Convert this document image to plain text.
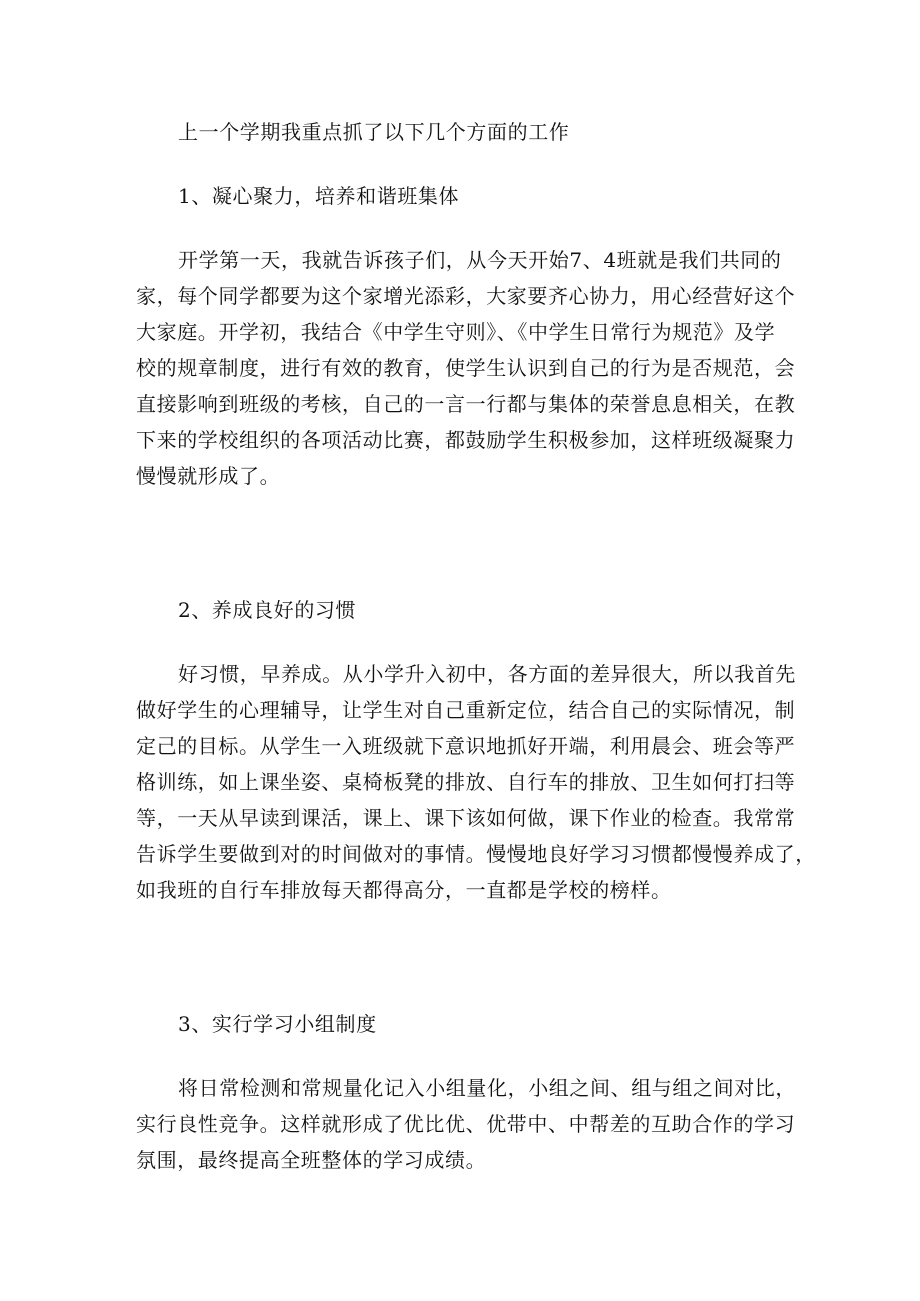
上一个学期我重点抓了以下几个方面的工作
1、凝心聚力，培养和谐班集体
开学第一天，我就告诉孩子们，从今天开始7、4班就是我们共同的
家，每个同学都要为这个家增光添彩，大家要齐心协力，用心经营好这个
大家庭。开学初，我结合《中学生守则》、《中学生日常行为规范》及学
校的规章制度，进行有效的教育，使学生认识到自己的行为是否规范，会
直接影响到班级的考核，自己的一言一行都与集体的荣誉息息相关，在教
下来的学校组织的各项活动比赛，都鼓励学生积极参加，这样班级凝聚力
慢慢就形成了。
2、养成良好的习惯
好习惯，早养成。从小学升入初中，各方面的差异很大，所以我首先
做好学生的心理辅导，让学生对自己重新定位，结合自己的实际情况，制
定己的目标。从学生一入班级就下意识地抓好开端，利用晨会、班会等严
格训练，如上课坐姿、桌椅板凳的排放、自行车的排放、卫生如何打扫等
等，一天从早读到课活，课上、课下该如何做，课下作业的检查。我常常
告诉学生要做到对的时间做对的事情。慢慢地良好学习习惯都慢慢养成了，
如我班的自行车排放每天都得高分，一直都是学校的榜样。
3、实行学习小组制度
将日常检测和常规量化记入小组量化，小组之间、组与组之间对比，
实行良性竞争。这样就形成了优比优、优带中、中帮差的互助合作的学习
氛围，最终提高全班整体的学习成绩。
